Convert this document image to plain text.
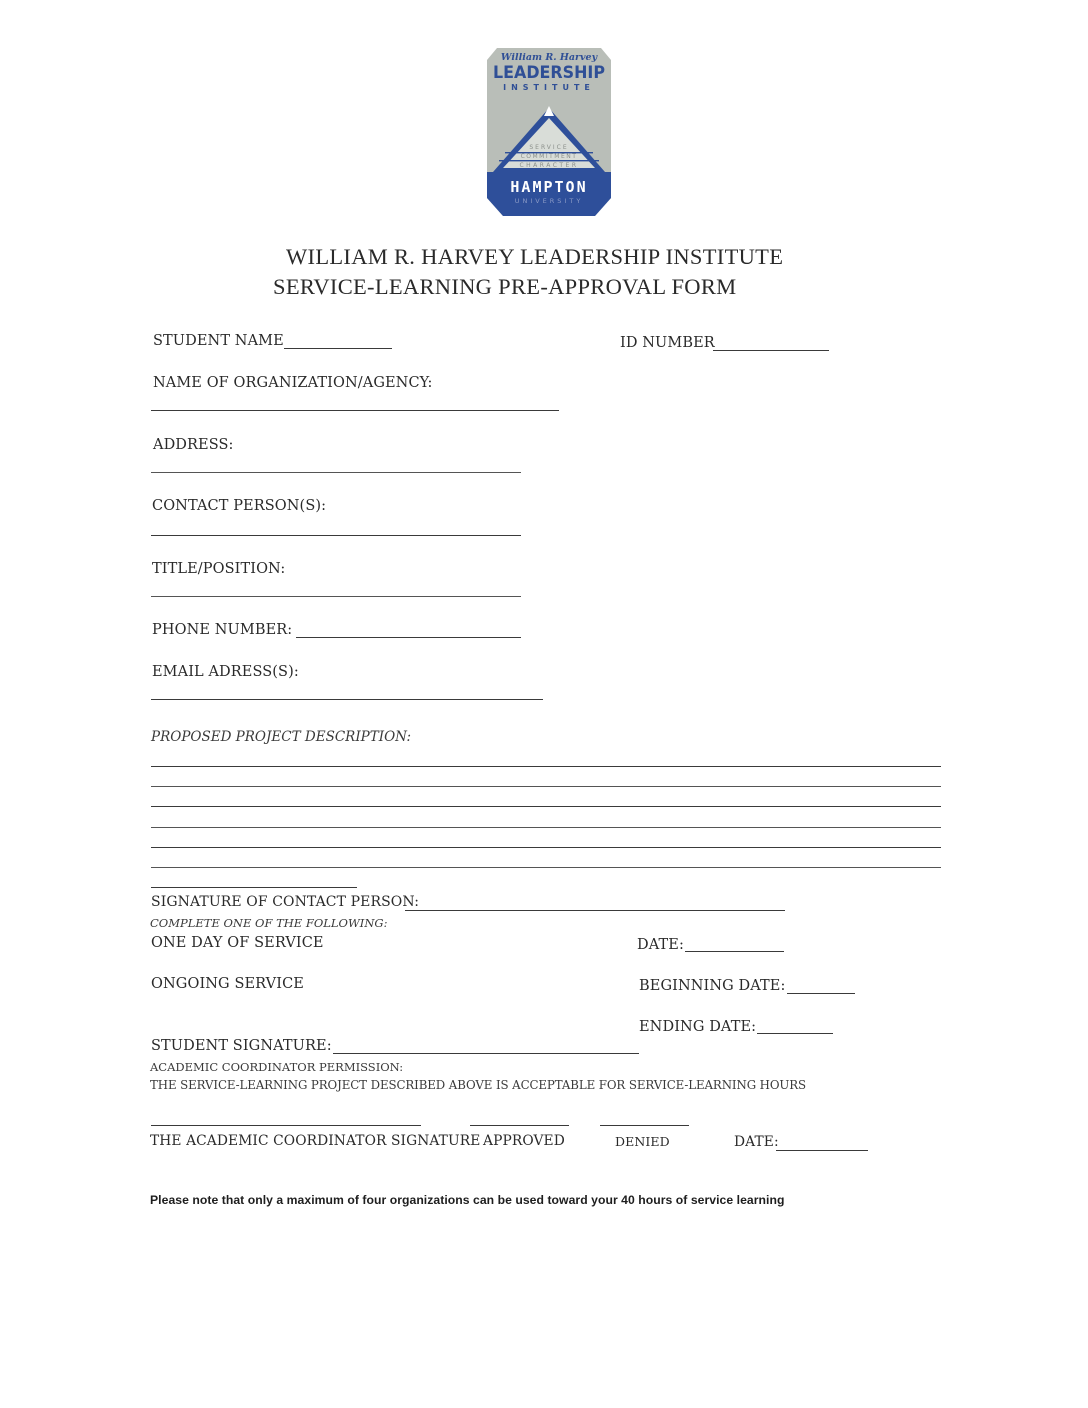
William R. Harvey
LEADERSHIP
INSTITUTE
SERVICE
COMMITMENT
CHARACTER
HAMPTON
UNIVERSITY
WILLIAM R. HARVEY LEADERSHIP INSTITUTE
SERVICE-LEARNING PRE-APPROVAL FORM
STUDENT NAME	ID NUMBER
NAME OF ORGANIZATION/AGENCY:
ADDRESS:
CONTACT PERSON(S):
TITLE/POSITION:
PHONE NUMBER:
EMAIL ADRESS(S):
PROPOSED PROJECT DESCRIPTION:
SIGNATURE OF CONTACT PERSON:
COMPLETE ONE OF THE FOLLOWING:
ONE DAY OF SERVICE	DATE:
ONGOING SERVICE	BEGINNING DATE:
ENDING DATE:
STUDENT SIGNATURE:
ACADEMIC COORDINATOR PERMISSION:
THE SERVICE-LEARNING PROJECT DESCRIBED ABOVE IS ACCEPTABLE FOR SERVICE-LEARNING HOURS
THE ACADEMIC COORDINATOR SIGNATURE APPROVED	DENIED	DATE:
Please note that only a maximum of four organizations can be used toward your 40 hours of service learning
